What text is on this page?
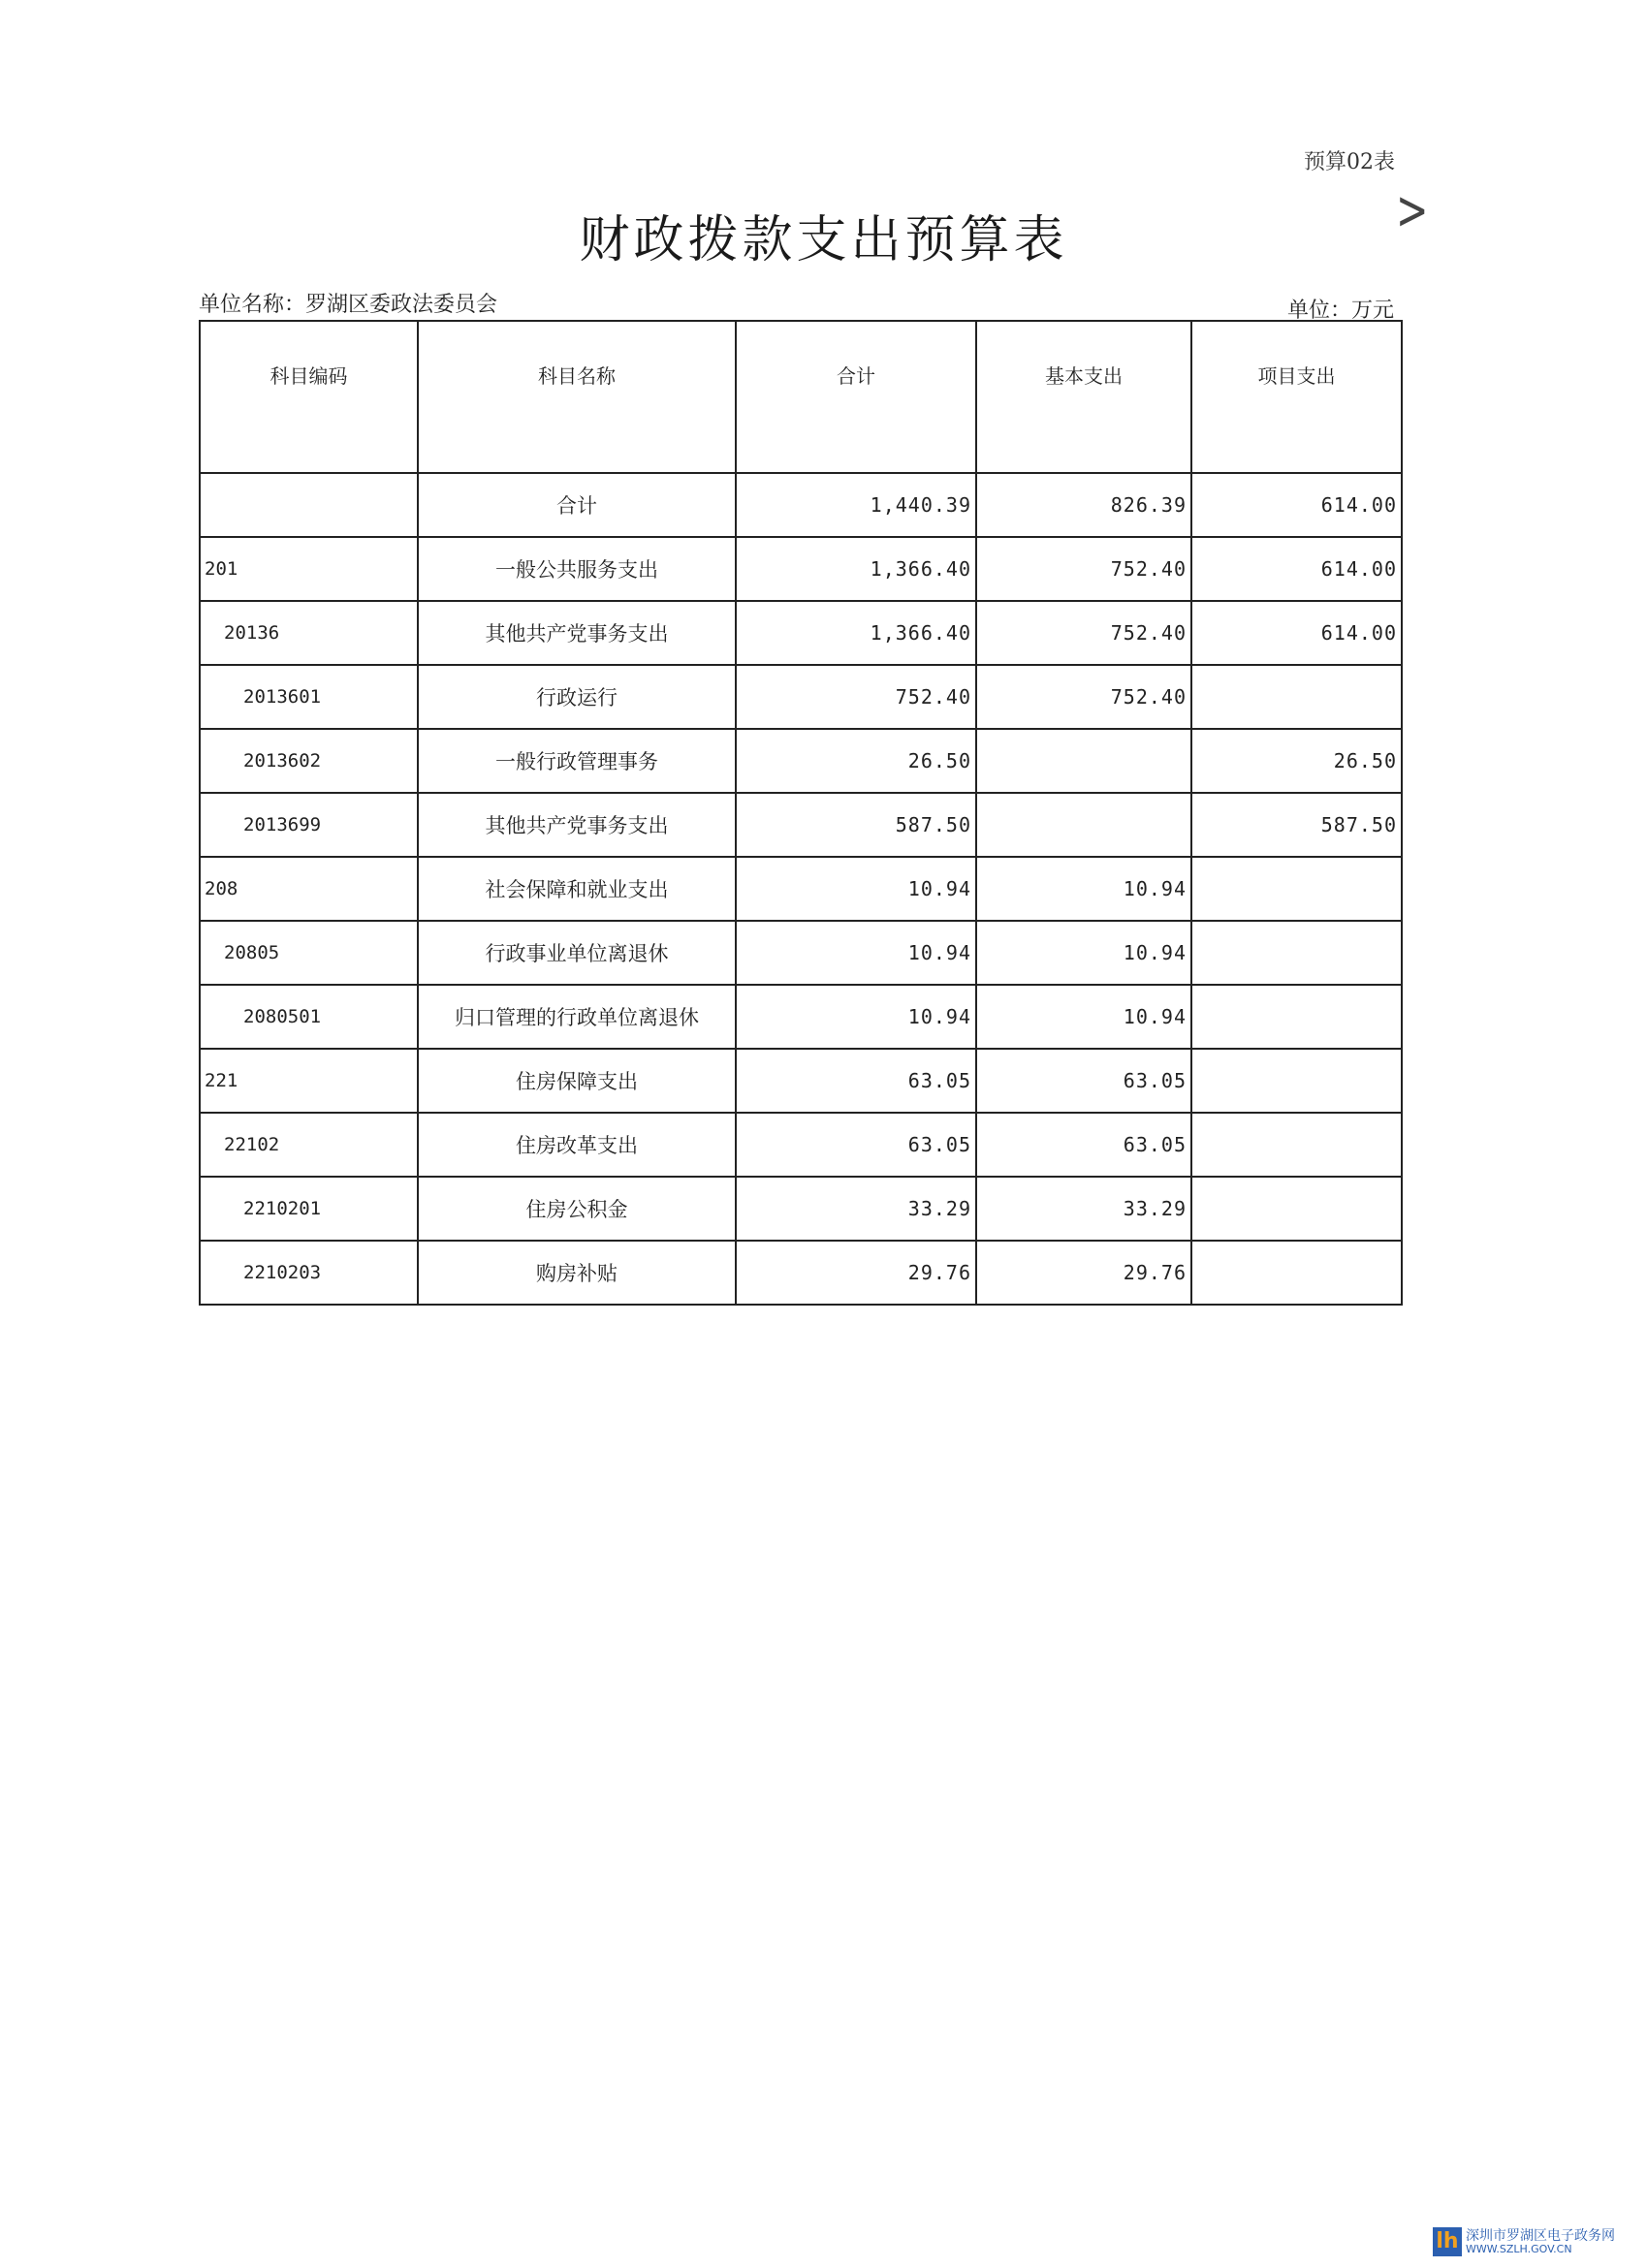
预算02表
>
财政拨款支出预算表
单位名称：罗湖区委政法委员会	单位：万元
科目编码	科目名称	合计	基本支出	项目支出
	合计	1,440.39	826.39	614.00
201	一般公共服务支出	1,366.40	752.40	614.00
20136	其他共产党事务支出	1,366.40	752.40	614.00
2013601	行政运行	752.40	752.40	
2013602	一般行政管理事务	26.50		26.50
2013699	其他共产党事务支出	587.50		587.50
208	社会保障和就业支出	10.94	10.94	
20805	行政事业单位离退休	10.94	10.94	
2080501	归口管理的行政单位离退休	10.94	10.94	
221	住房保障支出	63.05	63.05	
22102	住房改革支出	63.05	63.05	
2210201	住房公积金	33.29	33.29	
2210203	购房补贴	29.76	29.76	
lh 深圳市罗湖区电子政务网
WWW.SZLH.GOV.CN
